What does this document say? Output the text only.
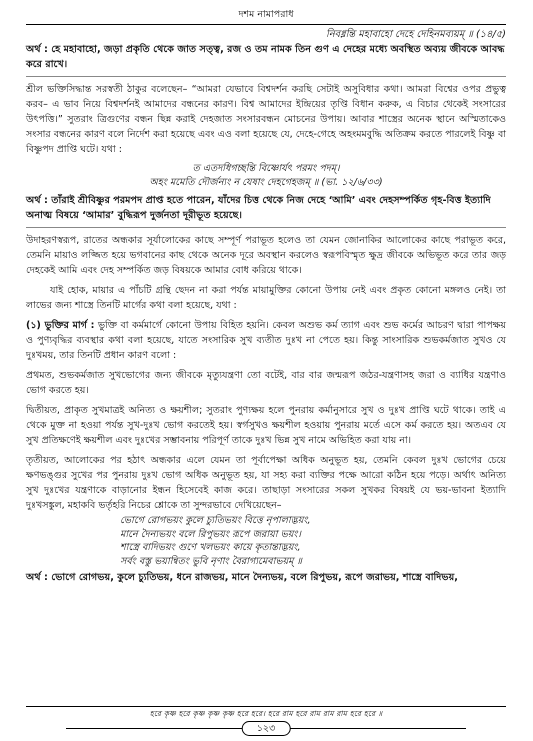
দশম নামাপরাধ
নিবধ্নন্তি মহাবাহো দেহে দেহিনমব্যয়ম্‌ ॥ (১৪/৫)
অর্থ : হে মহাবাহো, জড়া প্রকৃতি থেকে জাত সত্ত্ব, রজ ও তম নামক তিন গুণ এ দেহের মধ্যে অবস্থিত অব্যয় জীবকে আবদ্ধ করে রাখে।

শ্রীল ভক্তিসিদ্ধান্ত সরস্বতী ঠাকুর বলেছেন– “আমরা যেভাবে বিশ্বদর্শন করছি সেটাই অসুবিধার কথা। আমরা বিশ্বের ওপর প্রভুত্ব করব– এ ভাব নিয়ে বিশ্বদর্শনই আমাদের বন্ধনের কারণ। বিশ্ব আমাদের ইন্দ্রিয়ের তৃপ্তি বিধান করুক, এ বিচার থেকেই সংসারের উৎপত্তি।” সুতরাং ত্রিগুণের বন্ধন ছিন্ন করাই দেহজাত সংসারবন্ধন মোচনের উপায়। আবার শাস্ত্রের অনেক স্থানে অস্মিতাকেও সংসার বন্ধনের কারণ বলে নির্দেশ করা হয়েছে এবং এও বলা হয়েছে যে, দেহে-গেহে অহংমমবুদ্ধি অতিক্রম করতে পারলেই বিষ্ণু বা বিষ্ণুপদ প্রাপ্তি ঘটে। যথা :

ত এতদধিগচ্ছন্তি বিষ্ণোর্যৎ পরমং পদম্।
অহং মমেতি দৌর্জন্যং ন যেষাং দেহগেহজম্‌ ॥ (ভা. ১২/৬/৩৩)
অর্থ : তাঁরাই শ্রীবিষ্ণুর পরমপদ প্রাপ্ত হতে পারেন, যাঁদের চিত্ত থেকে নিজ দেহে ‘আমি’ এবং দেহসম্পর্কিত গৃহ-বিত্ত ইত্যাদি অনাত্ম বিষয়ে ‘আমার’ বুদ্ধিরূপ দুর্জনতা দূরীভূত হয়েছে।

উদাহরণস্বরূপ, রাতের অন্ধকার সূর্যালোকের কাছে সম্পূর্ণ পরাভূত হলেও তা যেমন জোনাকির আলোকের কাছে পরাভূত করে, তেমনি মায়াও লজ্জিত হয়ে ভগবানের কাছ থেকে অনেক দূরে অবস্থান করলেও স্বরূপবিস্মৃত ক্ষুদ্র জীবকে অভিভূত করে তার জড় দেহকেই আমি এবং দেহ সম্পর্কিত জড় বিষয়কে আমার বোধ করিয়ে থাকে।

যাই হোক, মায়ার এ পাঁচটি গ্রন্থি ছেদন না করা পর্যন্ত মায়ামুক্তির কোনো উপায় নেই এবং প্রকৃত কোনো মঙ্গলও নেই। তা লাভের জন্য শাস্ত্রে তিনটি মার্গের কথা বলা হয়েছে, যথা :

(১) ভুক্তির মার্গ : ভুক্তি বা কর্মমার্গে কোনো উপায় বিহিত হয়নি। কেবল অশুভ কর্ম ত্যাগ এবং শুভ কর্মের আচরণ দ্বারা পাপক্ষয় ও পুণ্যবৃদ্ধির ব্যবস্থার কথা বলা হয়েছে, যাতে সংসারিক সুখ ব্যতীত দুঃখ না পেতে হয়। কিন্তু সাংসারিক শুভকর্মজাত সুখও যে দুঃখময়, তার তিনটি প্রধান কারণ বলো :

প্রথমত, শুভকর্মজাত সুখভোগের জন্য জীবকে মৃত্যুযন্ত্রণা তো বটেই, বার বার জন্মরূপ জঠর-যন্ত্রণাসহ জরা ও ব্যাধির যন্ত্রণাও ভোগ করতে হয়।

দ্বিতীয়ত, প্রাকৃত সুখমাত্রই অনিত্য ও ক্ষয়শীল; সুতরাং পুণ্যক্ষয় হলে পুনরায় কর্মানুসারে সুখ ও দুঃখ প্রাপ্তি ঘটে থাকে। তাই এ থেকে মুক্ত না হওয়া পর্যন্ত সুখ-দুঃখ ভোগ করতেই হয়। স্বর্গসুখও ক্ষয়শীল হওয়ায় পুনরায় মর্তে এসে কর্ম করতে হয়। অতএব যে সুখ প্রতিক্ষণেই ক্ষয়শীল এবং দুঃখের সম্ভাবনায় পরিপূর্ণ তাকে দুঃখ ভিন্ন সুখ নামে অভিহিত করা যায় না।

তৃতীয়ত, আলোকের পর হঠাৎ অন্ধকার এলে যেমন তা পূর্বাপেক্ষা অধিক অনুভূত হয়, তেমনি কেবল দুঃখ ভোগের চেয়ে ক্ষণভঙ্গুর সুখের পর পুনরায় দুঃখ ভোগ অধিক অনুভূত হয়, যা সহ্য করা ব্যক্তির পক্ষে আরো কঠিন হয়ে পড়ে। অর্থাৎ অনিত্য সুখ দুঃখের যন্ত্রণাকে বাড়ানোর ইন্ধন হিসেবেই কাজ করে। তাছাড়া সংসারের সকল সুখকর বিষয়ই যে ভয়-ভাবনা ইত্যাদি দুঃখসঙ্কুল, মহাকবি ভর্তৃহরি নিচের শ্লোকে তা সুন্দরভাবে দেখিয়েছেন–

ভোগে রোগভয়ং কুলে চ্যুতিভয়ং বিত্তে নৃপালাদ্ভয়ং,
মানে দৈন্যভয়ং বলে রিপুভয়ং রূপে জরায়া ভয়ং।
শাস্ত্রে বাদিভয়ং গুণে খলভয়ং কায়ে কৃতান্তাদ্ভয়ং,
সর্বং বস্তু ভয়ান্বিতং ভুবি নৃণাং বৈরাগ্যমেবাভয়ম্‌ ॥
অর্থ : ভোগে রোগভয়, কুলে চ্যুতিভয়, ধনে রাজভয়, মানে দৈন্যভয়, বলে রিপুভয়, রূপে জরাভয়, শাস্ত্রে বাদিভয়,
হরে কৃষ্ণ হরে কৃষ্ণ কৃষ্ণ কৃষ্ণ হরে হরে। হরে রাম হরে রাম রাম রাম হরে হরে ॥
১২৩
